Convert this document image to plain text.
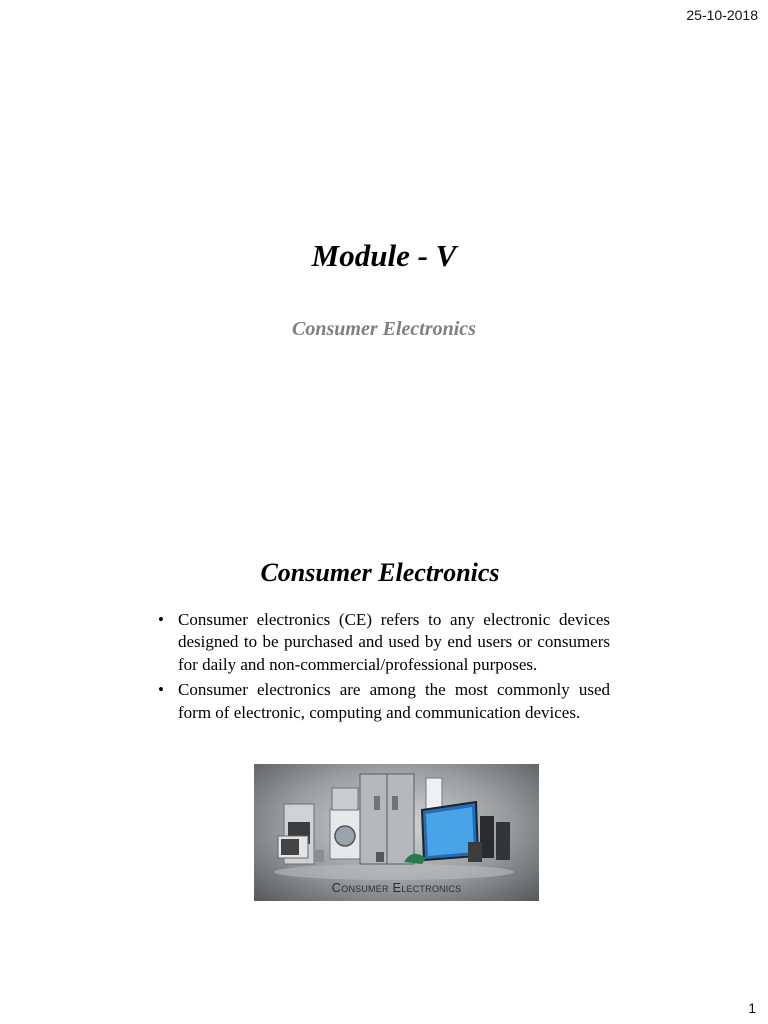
25-10-2018
Module - V
Consumer Electronics
Consumer Electronics
• Consumer electronics (CE) refers to any electronic devices designed to be purchased and used by end users or consumers for daily and non-commercial/professional purposes.
• Consumer electronics are among the most commonly used form of electronic, computing and communication devices.
Consumer Electronics
1
